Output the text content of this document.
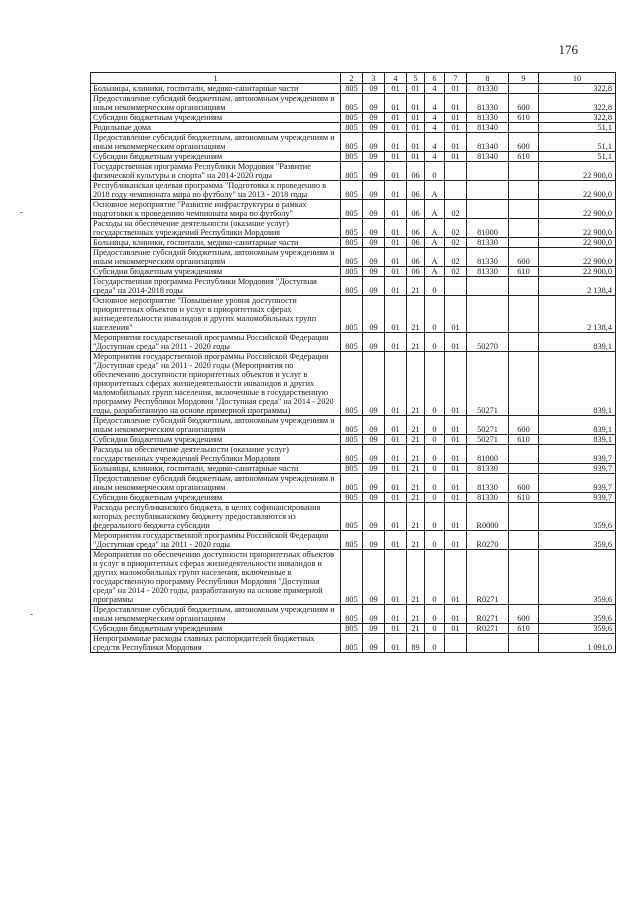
176
1	2	3	4	5	6	7	8	9	10
Больницы, клиники, госпитали, медико-санитарные части	805	09	01	01	4	01	81330		322,8
Предоставление субсидий бюджетным, автономным учреждениям и иным некоммерческим организациям	805	09	01	01	4	01	81330	600	322,8
Субсидии бюджетным учреждениям	805	09	01	01	4	01	81330	610	322,8
Родильные дома	805	09	01	01	4	01	81340		51,1
Предоставление субсидий бюджетным, автономным учреждениям и иным некоммерческим организациям	805	09	01	01	4	01	81340	600	51,1
Субсидии бюджетным учреждениям	805	09	01	01	4	01	81340	610	51,1
Государственная программа Республики Мордовия "Развитие физической культуры и спорта" на 2014-2020 годы	805	09	01	06	0				22 900,0
Республиканская целевая программа "Подготовка к проведению в 2018 году чемпионата мира по футболу" на 2013 - 2018 годы	805	09	01	06	А				22 900,0
Основное мероприятие "Развитие инфраструктуры в рамках подготовки к проведению чемпионата мира по футболу"	805	09	01	06	А	02			22 900,0
Расходы на обеспечение деятельности (оказание услуг) государственных учреждений Республики Мордовия	805	09	01	06	А	02	81000		22 900,0
Больницы, клиники, госпитали, медико-санитарные части	805	09	01	06	А	02	81330		22 900,0
Предоставление субсидий бюджетным, автономным учреждениям и иным некоммерческим организациям	805	09	01	06	А	02	81330	600	22 900,0
Субсидии бюджетным учреждениям	805	09	01	06	А	02	81330	610	22 900,0
Государственная программа Республики Мордовия "Доступная среда" на 2014-2018 годы	805	09	01	21	0				2 138,4
Основное мероприятие "Повышение уровня доступности приоритетных объектов и услуг в приоритетных сферах жизнедеятельности инвалидов и других маломобильных групп населения"	805	09	01	21	0	01			2 138,4
Мероприятия государственной программы Российской Федерации "Доступная среда" на 2011 - 2020 годы	805	09	01	21	0	01	50270		839,1
Мероприятия государственной программы Российской Федерации "Доступная среда" на 2011 - 2020 годы (Мероприятия по обеспечению доступности приоритетных объектов и услуг в приоритетных сферах жизнедеятельности инвалидов и других маломобильных групп населения, включенные в государственную программу Республики Мордовия "Доступная среда" на 2014 - 2020 годы, разработанную на основе примерной программы)	805	09	01	21	0	01	50271		839,1
Предоставление субсидий бюджетным, автономным учреждениям и иным некоммерческим организациям	805	09	01	21	0	01	50271	600	839,1
Субсидии бюджетным учреждениям	805	09	01	21	0	01	50271	610	839,1
Расходы на обеспечение деятельности (оказание услуг) государственных учреждений Республики Мордовия	805	09	01	21	0	01	81000		939,7
Больницы, клиники, госпитали, медико-санитарные части	805	09	01	21	0	01	81330		939,7
Предоставление субсидий бюджетным, автономным учреждениям и иным некоммерческим организациям	805	09	01	21	0	01	81330	600	939,7
Субсидии бюджетным учреждениям	805	09	01	21	0	01	81330	610	939,7
Расходы республиканского бюджета, в целях софинансирования которых республиканскому бюджету предоставляются из федерального бюджета субсидии	805	09	01	21	0	01	R0000		359,6
Мероприятия государственной программы Российской Федерации "Доступная среда" на 2011 - 2020 годы	805	09	01	21	0	01	R0270		359,6
Мероприятия по обеспечению доступности приоритетных объектов и услуг в приоритетных сферах жизнедеятельности инвалидов и других маломобильных групп населения, включенные в государственную программу Республики Мордовия "Доступная среда" на 2014 - 2020 годы, разработанную на основе примерной программы	805	09	01	21	0	01	R0271		359,6
Предоставление субсидий бюджетным, автономным учреждениям и иным некоммерческим организациям	805	09	01	21	0	01	R0271	600	359,6
Субсидии бюджетным учреждениям	805	09	01	21	0	01	R0271	610	359,6
Непрограммные расходы главных распорядителей бюджетных средств Республики Мордовия	805	09	01	89	0				1 091,0
